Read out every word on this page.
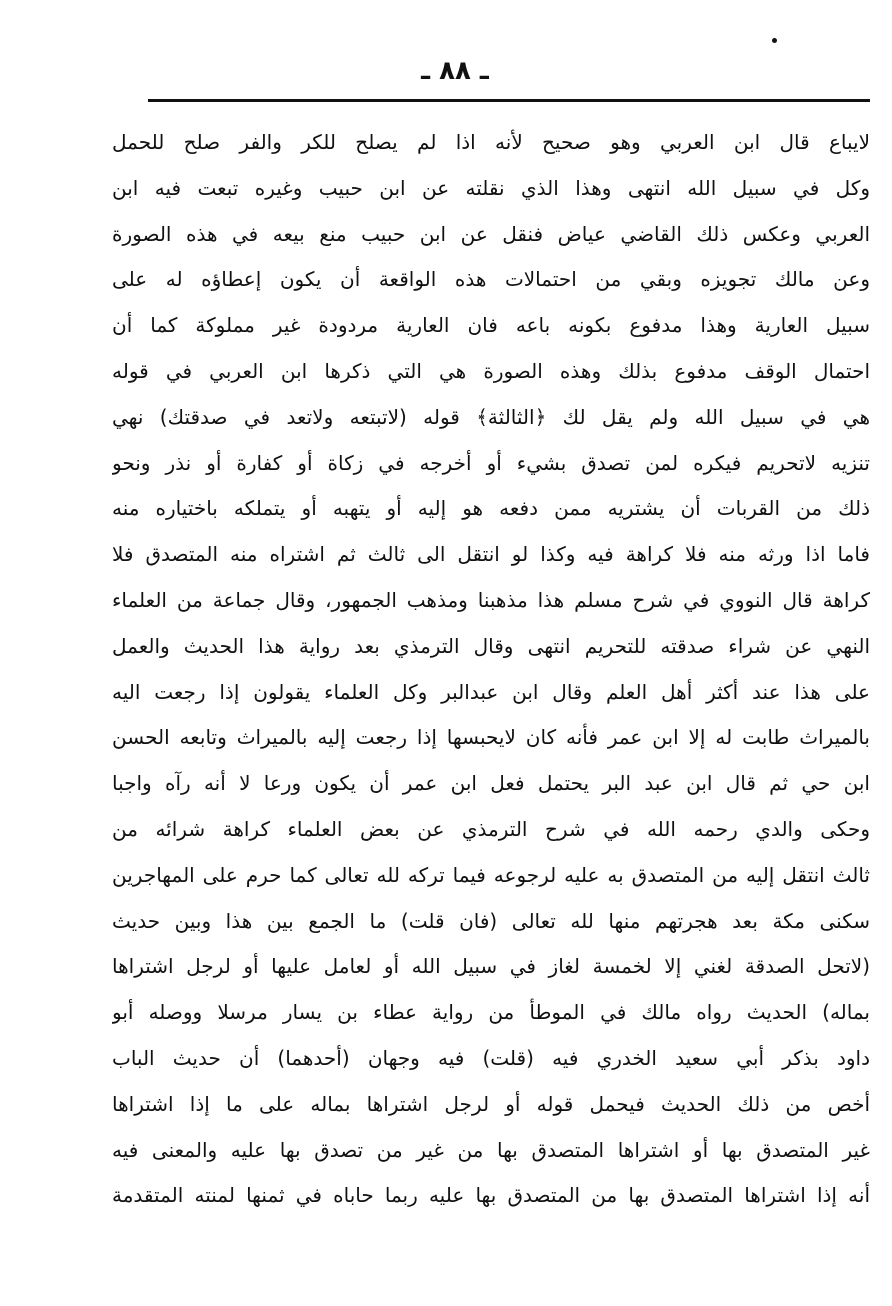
ـ ٨٨ ـ
لايباع قال ابن العربي وهو صحيح لأنه اذا لم يصلح للكر والفر صلح للحمل
وكل في سبيل الله انتهى وهذا الذي نقلته عن ابن حبيب وغيره تبعت فيه ابن
العربي وعكس ذلك القاضي عياض فنقل عن ابن حبيب منع بيعه في هذه الصورة
وعن مالك تجويزه وبقي من احتمالات هذه الواقعة أن يكون إعطاؤه له على
سبيل العارية وهذا مدفوع بكونه باعه فان العارية مردودة غير مملوكة كما أن
احتمال الوقف مدفوع بذلك وهذه الصورة هي التي ذكرها ابن العربي في قوله
هي في سبيل الله ولم يقل لك ﴿الثالثة﴾ قوله (لاتبتعه ولاتعد في صدقتك) نهي
تنزيه لاتحريم فيكره لمن تصدق بشيء أو أخرجه في زكاة أو كفارة أو نذر ونحو
ذلك من القربات أن يشتريه ممن دفعه هو إليه أو يتهبه أو يتملكه باختياره منه
فاما اذا ورثه منه فلا كراهة فيه وكذا لو انتقل الى ثالث ثم اشتراه منه المتصدق فلا
كراهة قال النووي في شرح مسلم هذا مذهبنا ومذهب الجمهور، وقال جماعة من العلماء
النهي عن شراء صدقته للتحريم انتهى وقال الترمذي بعد رواية هذا الحديث والعمل
على هذا عند أكثر أهل العلم وقال ابن عبدالبر وكل العلماء يقولون إذا رجعت اليه
بالميراث طابت له إلا ابن عمر فأنه كان لايحبسها إذا رجعت إليه بالميراث وتابعه الحسن
ابن حي ثم قال ابن عبد البر يحتمل فعل ابن عمر أن يكون ورعا لا أنه رآه واجبا
وحكى والدي رحمه الله في شرح الترمذي عن بعض العلماء كراهة شرائه من
ثالث انتقل إليه من المتصدق به عليه لرجوعه فيما تركه لله تعالى كما حرم على المهاجرين
سكنى مكة بعد هجرتهم منها لله تعالى (فان قلت) ما الجمع بين هذا وبين حديث
(لاتحل الصدقة لغني إلا لخمسة لغاز في سبيل الله أو لعامل عليها أو لرجل اشتراها
بماله) الحديث رواه مالك في الموطأ من رواية عطاء بن يسار مرسلا ووصله أبو
داود بذكر أبي سعيد الخدري فيه (قلت) فيه وجهان (أحدهما) أن حديث الباب
أخص من ذلك الحديث فيحمل قوله أو لرجل اشتراها بماله على ما إذا اشتراها
غير المتصدق بها أو اشتراها المتصدق بها من غير من تصدق بها عليه والمعنى فيه
أنه إذا اشتراها المتصدق بها من المتصدق بها عليه ربما حاباه في ثمنها لمنته المتقدمة
